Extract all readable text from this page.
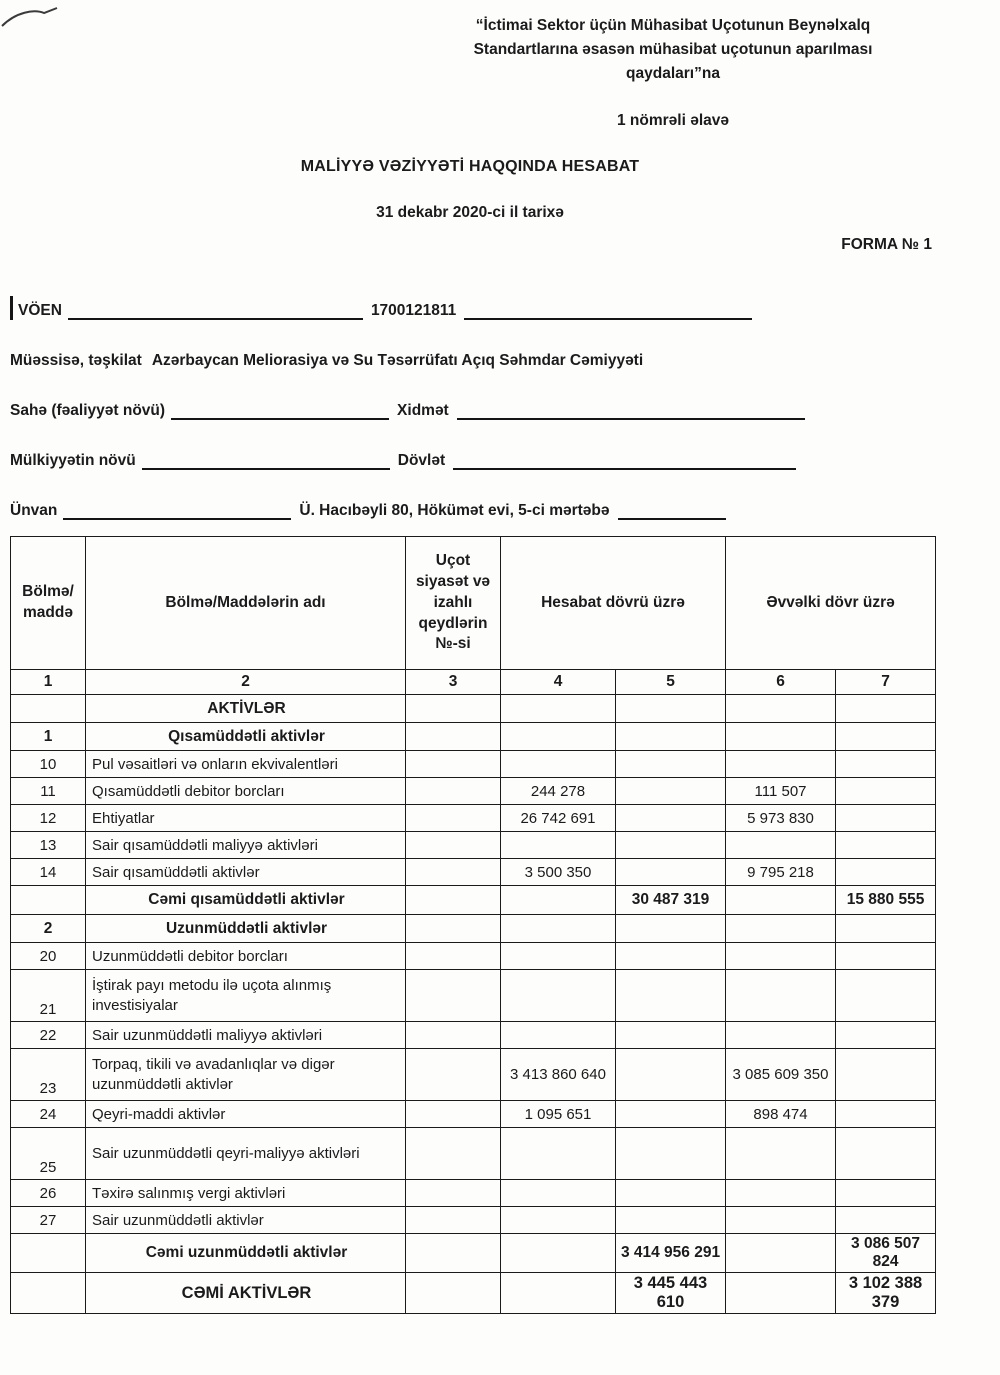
“İctimai Sektor üçün Mühasibat Uçotunun Beynəlxalq Standartlarına əsasən mühasibat uçotunun aparılması qaydaları”na
1 nömrəli əlavə
MALİYYƏ VƏZİYYƏTİ HAQQINDA HESABAT
31 dekabr 2020-ci il tarixə
FORMA № 1
VÖEN	1700121811
Müəssisə, təşkilat Azərbaycan Meliorasiya və Su Təsərrüfatı Açıq Səhmdar Cəmiyyəti
Sahə (fəaliyyət növü)	Xidmət
Mülkiyyətin növü	Dövlət
Ünvan	Ü. Hacıbəyli 80, Hökümət evi, 5-ci mərtəbə
Bölmə/ maddə	Bölmə/Maddələrin adı	Uçot siyasət və izahlı qeydlərin №-si	Hesabat dövrü üzrə		Əvvəlki dövr üzrə	
1	2	3	4	5	6	7
	AKTİVLƏR					
1	Qısamüddətli aktivlər					
10	Pul vəsaitləri və onların ekvivalentləri					
11	Qısamüddətli debitor borcları		244 278		111 507	
12	Ehtiyatlar		26 742 691		5 973 830	
13	Sair qısamüddətli maliyyə aktivləri					
14	Sair qısamüddətli aktivlər		3 500 350		9 795 218	
	Cəmi qısamüddətli aktivlər			30 487 319		15 880 555
2	Uzunmüddətli aktivlər					
20	Uzunmüddətli debitor borcları					
21	İştirak payı metodu ilə uçota alınmış investisiyalar					
22	Sair uzunmüddətli maliyyə aktivləri					
23	Torpaq, tikili və avadanlıqlar və digər uzunmüddətli aktivlər		3 413 860 640		3 085 609 350	
24	Qeyri-maddi aktivlər		1 095 651		898 474	
25	Sair uzunmüddətli qeyri-maliyyə aktivləri					
26	Təxirə salınmış vergi aktivləri					
27	Sair uzunmüddətli aktivlər					
	Cəmi uzunmüddətli aktivlər			3 414 956 291		3 086 507 824
	CƏMİ AKTİVLƏR			3 445 443 610		3 102 388 379
